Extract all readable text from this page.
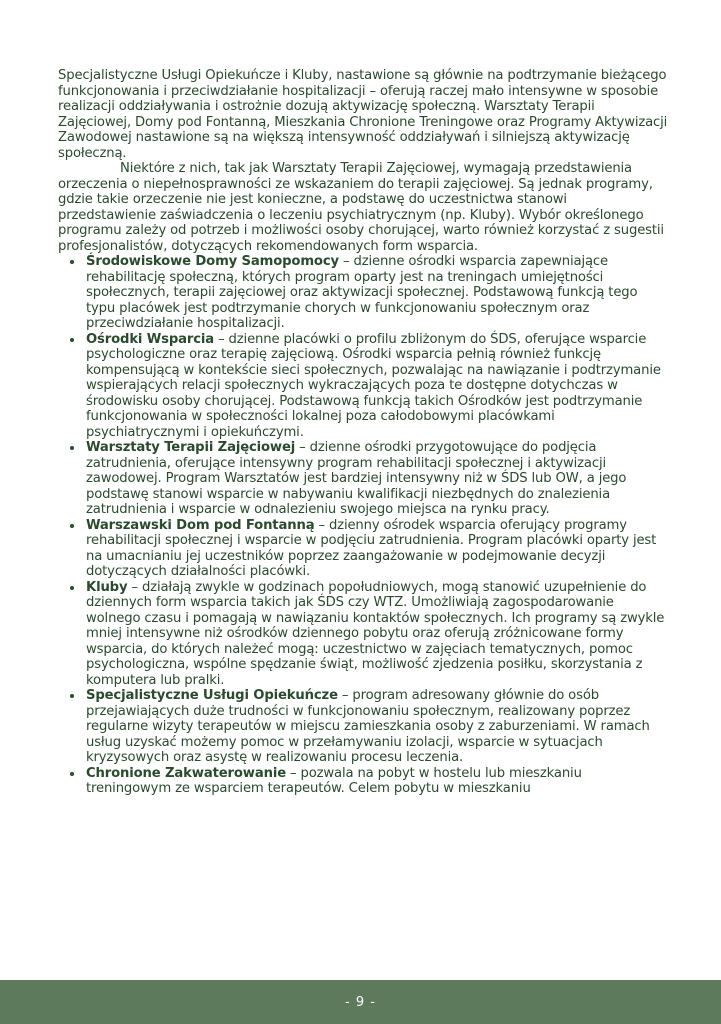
Specjalistyczne Usługi Opiekuńcze i Kluby, nastawione są głównie na podtrzymanie bieżącego funkcjonowania i przeciwdziałanie hospitalizacji – oferują raczej mało intensywne w sposobie realizacji oddziaływania i ostrożnie dozują aktywizację społeczną. Warsztaty Terapii Zajęciowej, Domy pod Fontanną, Mieszkania Chronione Treningowe oraz Programy Aktywizacji Zawodowej nastawione są na większą intensywność oddziaływań i silniejszą aktywizację społeczną.

Niektóre z nich, tak jak Warsztaty Terapii Zajęciowej, wymagają przedstawienia orzeczenia o niepełnosprawności ze wskazaniem do terapii zajęciowej. Są jednak programy, gdzie takie orzeczenie nie jest konieczne, a podstawę do uczestnictwa stanowi przedstawienie zaświadczenia o leczeniu psychiatrycznym (np. Kluby). Wybór określonego programu zależy od potrzeb i możliwości osoby chorującej, warto również korzystać z sugestii profesjonalistów, dotyczących rekomendowanych form wsparcia.

Środowiskowe Domy Samopomocy – dzienne ośrodki wsparcia zapewniające rehabilitację społeczną, których program oparty jest na treningach umiejętności społecznych, terapii zajęciowej oraz aktywizacji społecznej. Podstawową funkcją tego typu placówek jest podtrzymanie chorych w funkcjonowaniu społecznym oraz przeciwdziałanie hospitalizacji.
Ośrodki Wsparcia – dzienne placówki o profilu zbliżonym do ŚDS, oferujące wsparcie psychologiczne oraz terapię zajęciową. Ośrodki wsparcia pełnią również funkcję kompensującą w kontekście sieci społecznych, pozwalając na nawiązanie i podtrzymanie wspierających relacji społecznych wykraczających poza te dostępne dotychczas w środowisku osoby chorującej. Podstawową funkcją takich Ośrodków jest podtrzymanie funkcjonowania w społeczności lokalnej poza całodobowymi placówkami psychiatrycznymi i opiekuńczymi.
Warsztaty Terapii Zajęciowej – dzienne ośrodki przygotowujące do podjęcia zatrudnienia, oferujące intensywny program rehabilitacji społecznej i aktywizacji zawodowej. Program Warsztatów jest bardziej intensywny niż w ŚDS lub OW, a jego podstawę stanowi wsparcie w nabywaniu kwalifikacji niezbędnych do znalezienia zatrudnienia i wsparcie w odnalezieniu swojego miejsca na rynku pracy.
Warszawski Dom pod Fontanną – dzienny ośrodek wsparcia oferujący programy rehabilitacji społecznej i wsparcie w podjęciu zatrudnienia. Program placówki oparty jest na umacnianiu jej uczestników poprzez zaangażowanie w podejmowanie decyzji dotyczących działalności placówki.
Kluby – działają zwykle w godzinach popołudniowych, mogą stanowić uzupełnienie do dziennych form wsparcia takich jak ŚDS czy WTZ. Umożliwiają zagospodarowanie wolnego czasu i pomagają w nawiązaniu kontaktów społecznych. Ich programy są zwykle mniej intensywne niż ośrodków dziennego pobytu oraz oferują zróżnicowane formy wsparcia, do których należeć mogą: uczestnictwo w zajęciach tematycznych, pomoc psychologiczna, wspólne spędzanie świąt, możliwość zjedzenia posiłku, skorzystania z komputera lub pralki.
Specjalistyczne Usługi Opiekuńcze – program adresowany głównie do osób przejawiających duże trudności w funkcjonowaniu społecznym, realizowany poprzez regularne wizyty terapeutów w miejscu zamieszkania osoby z zaburzeniami. W ramach usług uzyskać możemy pomoc w przełamywaniu izolacji, wsparcie w sytuacjach kryzysowych oraz asystę w realizowaniu procesu leczenia.
Chronione Zakwaterowanie – pozwala na pobyt w hostelu lub mieszkaniu treningowym ze wsparciem terapeutów. Celem pobytu w mieszkaniu
- 9 -
